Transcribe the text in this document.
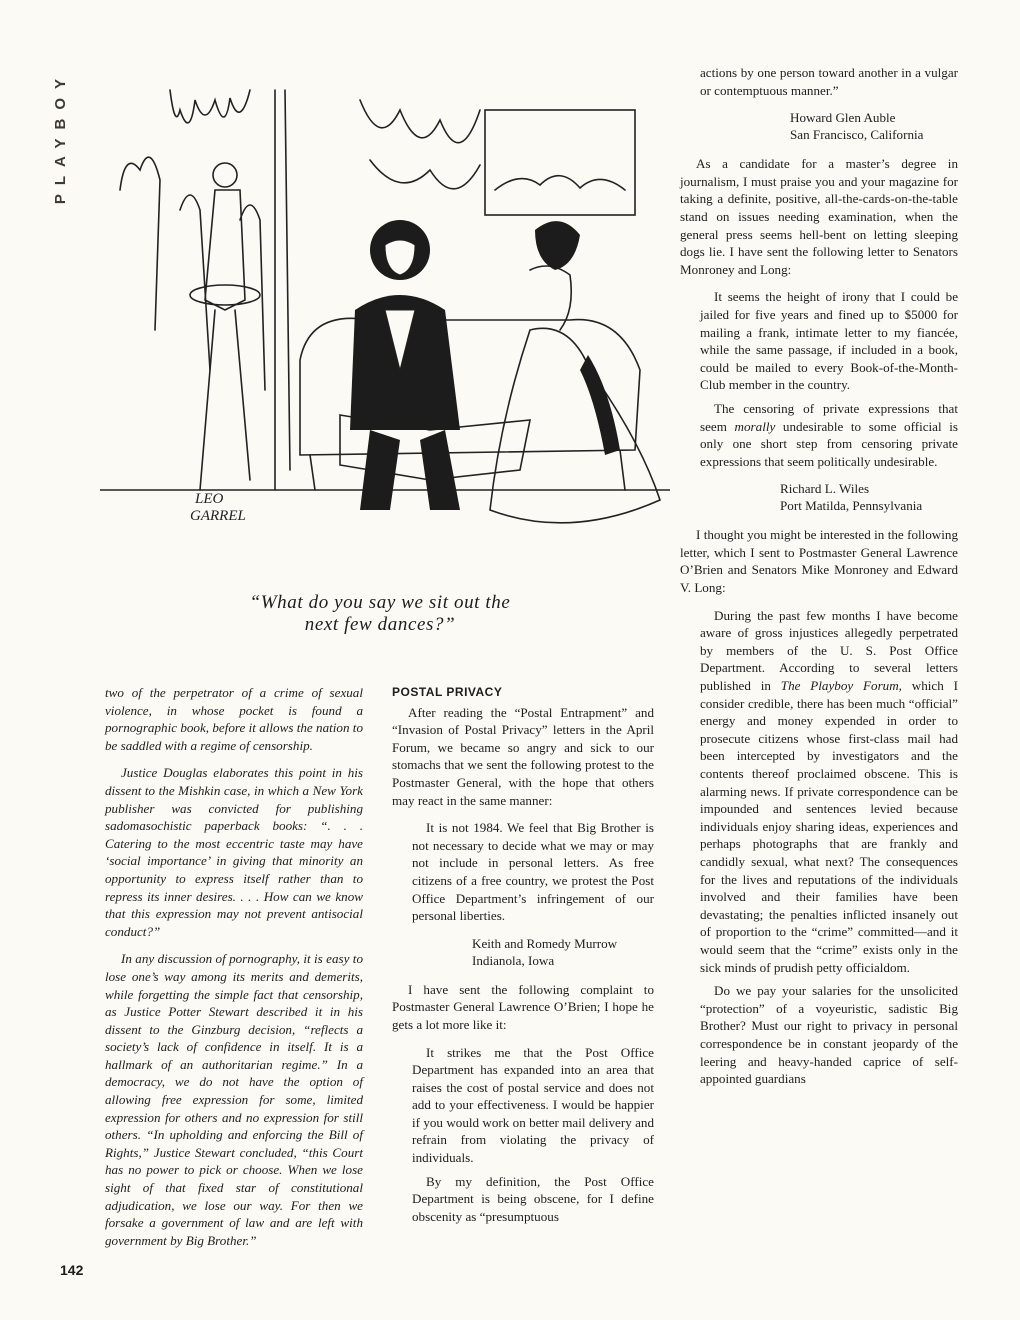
PLAYBOY
LEO
GARREL
“What do you say we sit out the
next few dances?”

two of the perpetrator of a crime of sexual violence, in whose pocket is found a pornographic book, before it allows the nation to be saddled with a regime of censorship.

Justice Douglas elaborates this point in his dissent to the Mishkin case, in which a New York publisher was convicted for publishing sadomasochistic paperback books: “. . . Catering to the most eccentric taste may have ‘social importance’ in giving that minority an opportunity to express itself rather than to repress its inner desires. . . . How can we know that this expression may not prevent antisocial conduct?”

In any discussion of pornography, it is easy to lose one’s way among its merits and demerits, while forgetting the simple fact that censorship, as Justice Potter Stewart described it in his dissent to the Ginzburg decision, “reflects a society’s lack of confidence in itself. It is a hallmark of an authoritarian regime.” In a democracy, we do not have the option of allowing free expression for some, limited expression for others and no expression for still others. “In upholding and enforcing the Bill of Rights,” Justice Stewart concluded, “this Court has no power to pick or choose. When we lose sight of that fixed star of constitutional adjudication, we lose our way. For then we forsake a government of law and are left with government by Big Brother.”

142
POSTAL PRIVACY

After reading the “Postal Entrapment” and “Invasion of Postal Privacy” letters in the April Forum, we became so angry and sick to our stomachs that we sent the following protest to the Postmaster General, with the hope that others may react in the same manner:

It is not 1984. We feel that Big Brother is not necessary to decide what we may or may not include in personal letters. As free citizens of a free country, we protest the Post Office Department’s infringement of our personal liberties.

Keith and Romedy Murrow
Indianola, Iowa

I have sent the following complaint to Postmaster General Lawrence O’Brien; I hope he gets a lot more like it:

It strikes me that the Post Office Department has expanded into an area that raises the cost of postal service and does not add to your effectiveness. I would be happier if you would work on better mail delivery and refrain from violating the privacy of individuals.

By my definition, the Post Office Department is being obscene, for I define obscenity as “presumptuous

actions by one person toward another in a vulgar or contemptuous manner.”

Howard Glen Auble
San Francisco, California

As a candidate for a master’s degree in journalism, I must praise you and your magazine for taking a definite, positive, all-the-cards-on-the-table stand on issues needing examination, when the general press seems hell-bent on letting sleeping dogs lie. I have sent the following letter to Senators Monroney and Long:

It seems the height of irony that I could be jailed for five years and fined up to $5000 for mailing a frank, intimate letter to my fiancée, while the same passage, if included in a book, could be mailed to every Book-of-the-Month-Club member in the country.

The censoring of private expressions that seem morally undesirable to some official is only one short step from censoring private expressions that seem politically undesirable.

Richard L. Wiles
Port Matilda, Pennsylvania

I thought you might be interested in the following letter, which I sent to Postmaster General Lawrence O’Brien and Senators Mike Monroney and Edward V. Long:

During the past few months I have become aware of gross injustices allegedly perpetrated by members of the U. S. Post Office Department. According to several letters published in The Playboy Forum, which I consider credible, there has been much “official” energy and money expended in order to prosecute citizens whose first-class mail had been intercepted by investigators and the contents thereof proclaimed obscene. This is alarming news. If private correspondence can be impounded and sentences levied because individuals enjoy sharing ideas, experiences and perhaps photographs that are frankly and candidly sexual, what next? The consequences for the lives and reputations of the individuals involved and their families have been devastating; the penalties inflicted insanely out of proportion to the “crime” committed—and it would seem that the “crime” exists only in the sick minds of prudish petty officialdom.

Do we pay your salaries for the unsolicited “protection” of a voyeuristic, sadistic Big Brother? Must our right to privacy in personal correspondence be in constant jeopardy of the leering and heavy-handed caprice of self-appointed guardians
